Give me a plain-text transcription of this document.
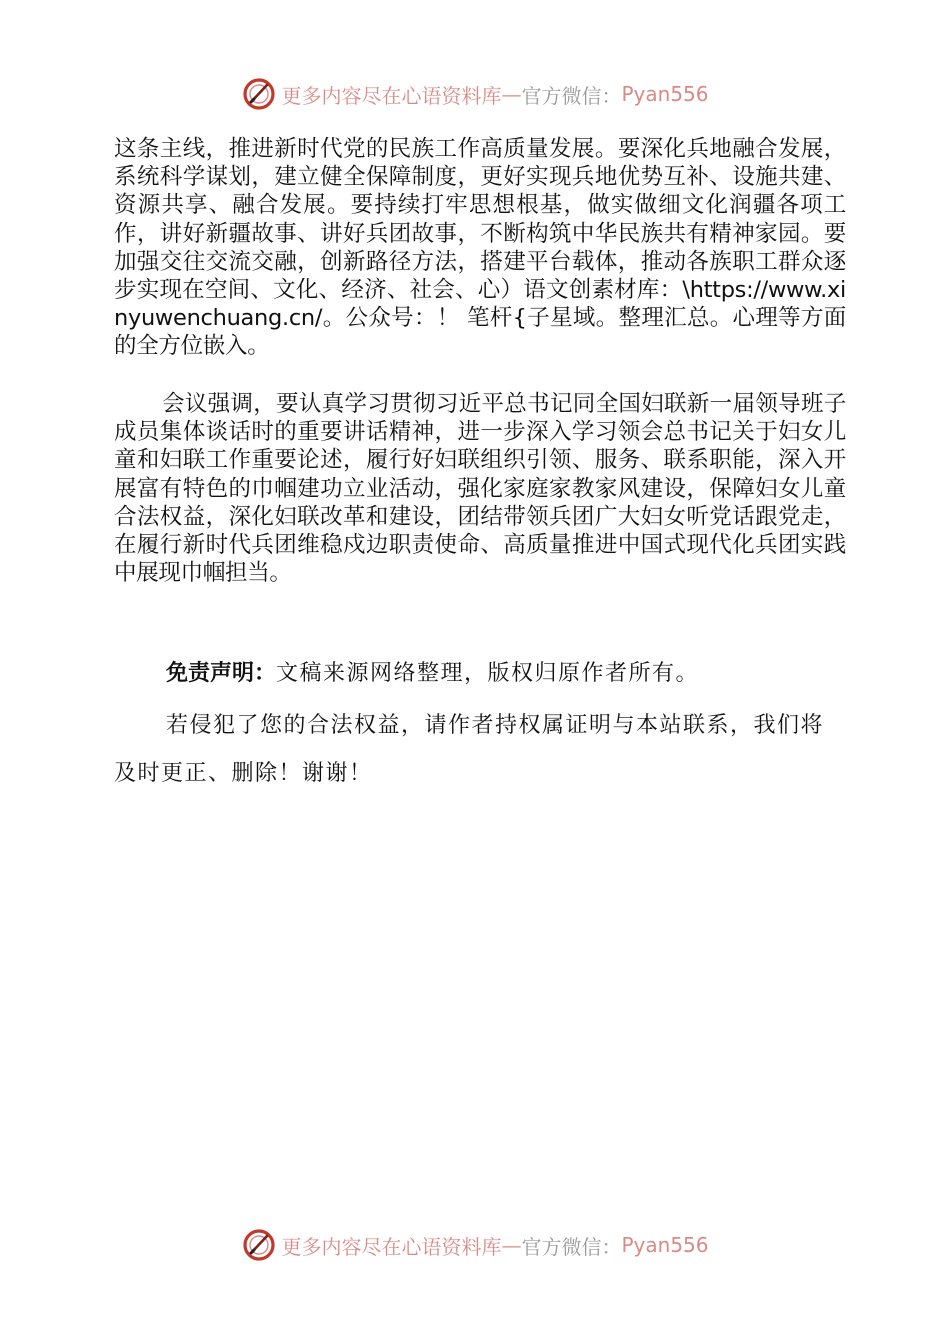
更多内容尽在心语资料库 — 官方微信： Pyan556

这条主线，推进新时代党的民族工作高质量发展。要深化兵地融合发展，系统科学谋划，建立健全保障制度，更好实现兵地优势互补、设施共建、资源共享、融合发展。要持续打牢思想根基，做实做细文化润疆各项工作，讲好新疆故事、讲好兵团故事，不断构筑中华民族共有精神家园。要加强交往交流交融，创新路径方法，搭建平台载体，推动各族职工群众逐步实现在空间、文化、经济、社会、心）语文创素材库：\https://www.xinyuwenchuang.cn/。公众号：！ 笔杆{子星域。整理汇总。心理等方面的全方位嵌入。

会议强调，要认真学习贯彻习近平总书记同全国妇联新一届领导班子成员集体谈话时的重要讲话精神，进一步深入学习领会总书记关于妇女儿童和妇联工作重要论述，履行好妇联组织引领、服务、联系职能，深入开展富有特色的巾帼建功立业活动，强化家庭家教家风建设，保障妇女儿童合法权益，深化妇联改革和建设，团结带领兵团广大妇女听党话跟党走，在履行新时代兵团维稳戍边职责使命、高质量推进中国式现代化兵团实践中展现巾帼担当。

免责声明：文稿来源网络整理，版权归原作者所有。

若侵犯了您的合法权益，请作者持权属证明与本站联系，我们将及时更正、删除！谢谢！

更多内容尽在心语资料库 — 官方微信： Pyan556
